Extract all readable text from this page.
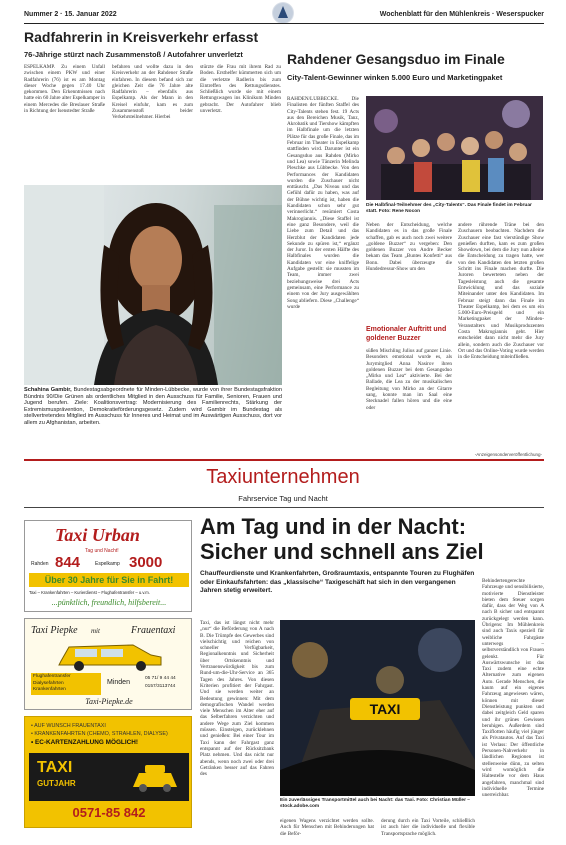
Nummer 2 · 15. Januar 2022	Wochenblatt für den Mühlenkreis · Weserspucker
Radfahrerin in Kreisverkehr erfasst
76-Jährige stürzt nach Zusammenstoß / Autofahrer unverletzt
ESPELKAMP. Zu einem Unfall zwischen einem PKW und einer Radfahrerin (76) ist es am Montag dieser Woche gegen 17.40 Uhr gekommen. Den Erkenntnissen nach hatte ein 60 Jahre alter Espelkamper in einem Mercedes die Breslauer Straße in Richtung der Isenstedter Straße
befahren und wollte dazu in den Kreisverkehr an der Rahdener Straße einfahren. In diesem befand sich zur gleichen Zeit die 76 Jahre alte Radfahrerin – ebenfalls aus Espelkamp. Als der Mann in den Kreisel einfuhr, kam es zum Zusammenstoß beider Verkehrsteilnehmer. Hierbei
stürzte die Frau mit ihrem Rad zu Boden. Ersthelfer kümmerten sich um die verletzte Radlerin bis zum Eintreffen des Rettungsdienstes. Schließlich wurde sie mit einem Rettungswagen ins Klinikum Minden gebracht. Der Autofahrer blieb unverletzt.
Schahina Gambir, Bundestagsabgeordnete für Minden-Lübbecke, wurde von ihrer Bundestagsfraktion Bündnis 90/Die Grünen als ordentliches Mitglied in den Ausschuss für Familie, Senioren, Frauen und Jugend berufen. Ziele: Koalitionsvertrag: Modernisierung des Familienrechts, Stärkung der Extremismusprävention, Demokratieförderungsgesetz. Zudem wird Gambir im Bundestag als stellvertretendes Mitglied im Ausschuss für Inneres und Heimat und im Auswärtigen Ausschuss, dort vor allem zu Afghanistan, arbeiten.
Rahdener Gesangsduo im Finale
City-Talent-Gewinner winken 5.000 Euro und Marketingpaket
RAHDEN/LÜBBECKE. Die Finalisten der fünften Staffel des City-Talents stehen fest. 19 Acts aus den Bereichen Musik, Tanz, Akrobatik und Tiershow kämpften im Halbfinale um die letzten Plätze für das große Finale, das im Februar im Theater in Espelkamp stattfinden wird. Darunter ist ein Gesangsduo aus Rahden (Mirko und Lea) sowie Tänzerin Melinda Pleschke aus Lübbecke. Von den Performances der Kandidaten wurden die Zuschauer nicht enttäuscht. „Das Niveau und das Gefühl dafür zu haben, was auf der Bühne wichtig ist, haben die Kandidaten schon sehr gut verinnerlicht.“ resümiert Costa Makrogiannis. „Diese Staffel ist eine ganz Besondere, weil die Liebe zum Detail und das Herzblut der Kandidaten jede Sekunde zu spüren ist,“ ergänzt der Juror. In der ersten Hälfte des Halbfinales wurden die Kandidaten vor eine kniffelige Aufgabe gestellt: sie mussten im Team, immer zwei beziehungsweise drei Acts gemeinsam, eine Performance zu einem von der Jury ausgewählten Song abliefern. Diese „Challenge“ wurde
Die Halbfinal-Teilnehmer des „City-Talents“. Das Finale findet im Februar statt. Foto: Rene Nocon
Neben der Entscheidung, welche Kandidaten es in das große Finale schaffen, gab es auch noch zwei weitere „goldene Buzzer“ zu vergeben: Den goldenen Buzzer von Andre Becker bekam das Team „Buntes Konfetti“ aus Bonn. Dabei überzeugte die Hundedressur-Show um den
Emotionaler Auftritt und goldener Buzzer
süßen Mischling Julius auf ganzer Linie. Besonders emotional wurde es, als Jurymitglied Anna Nasirov ihren goldenen Buzzer bei dem Gesangsduo „Mirko und Lea“ aktivierte. Bei der Ballade, die Lea zu der musikalischen Begleitung von Mirko an der Gitarre sang, konnte man im Saal eine Stecknadel fallen hören und die eine oder
andere rührende Träne bei den Zuschauern beobachten. Nachdem die Zuschauer eine fast vierstündige Show genießen durften, kam es zum großen Showdown, bei dem die Jury nun alleine die Entscheidung zu tragen hatte, wer von den Kandidaten den letzten großen Schritt ins Finale machen durfte. Die Juroren bewerteten neben der Tagesleistung auch die gesamte Entwicklung und das soziale Miteinander unter den Kandidaten. Im Februar steigt dann das Finale im Theater Espelkamp, bei dem es um ein 5.000-Euro-Preisgeld und ein Marketingpaket der Minden-Veranstalters und Musikproduzenten Costa Makrogiannis geht. Hier entscheidet dann nicht mehr die Jury allein, sondern auch die Zuschauer vor Ort und das Online-Voting wurde werden in die Entscheidung miteinfließen.
-Anzeigensonderveröffentlichung-
Taxiunternehmen
Fahrservice Tag und Nacht
Am Tag und in der Nacht:
Sicher und schnell ans Ziel
Chauffeurdienste und Krankenfahrten, Großraumtaxis, entspannte Touren zu Flughäfen oder Einkaufsfahrten: das „klassische“ Taxigeschäft hat sich in den vergangenen Jahren stetig erweitert.
Taxi, das ist längst nicht mehr „nur“ die Beförderung von A nach B. Die Trümpfe des Gewerbes sind vielschichtig und reichen von schneller Verfügbarkeit, Regionalkenntnis und Sicherheit über Ortskenntnis und Vertrauenswürdigkeit bis zum Rund-um-die-Uhr-Service an 365 Tagen des Jahres. Von diesen Kriterien profitiert der Fahrgast. Und sie werden weiter an Bedeutung gewinnen: Mit dem demografischen Wandel werden viele Menschen im Alter eher auf das Selberfahren verzichten und andere Wege zum Ziel kommen müssen. Einsteigen, zurücklehnen und genießen: Bei einer Tour im Taxi kann der Fahrgast ganz entspannt auf der Rücksitzbank Platz nehmen. Und das nicht nur abends, wenn noch zwei oder drei Getränken besser auf das Fahren des
TAXI
Ein zuverlässiges Transportmittel auch bei Nacht: das Taxi. Foto: Christian Müller – stock.adobe.com
eigenen Wagens verzichtet werden sollte. Auch für Menschen mit Behinderungen hat die Beför-
derung durch ein Taxi Vorteile, schließlich ist auch hier die individuelle und flexible Transportsprache möglich.
Behindertengerechte Fahrzeuge und sensibilisierte, motivierte Dienstleister bieten dem Steuer sorgen dafür, dass der Weg von A nach B sicher und entspannt zurückgelegt werden kann. Übrigens: Im Mühlenkreis sind auch Taxis speziell für weibliche Fahrgäste unterwegs – selbstverständlich von Frauen gelenkt. Für Auswärtswunsche ist das Taxi zudem eine echte Alternative zum eigenen Auto. Gerade Menschen, die kaum auf ein eigenes Fahrzeug angewiesen wären, können mit dieser Dienstleistung punkten und dabei zeitgleich Geld sparen und ihr grünes Gewissen beruhigen. Außerdem sind Taxiflotten häufig viel jünger als Privatautos. Auf das Taxi ist Verlass: Der öffentliche Personen-Nahverkehr in ländlichen Regionen ist stellenweise dünn, zu selten wird womöglich die Haltestelle vor dem Haus angefahren, manchmal sind individuelle Termine unerreichbar.
Taxi Urban
Tag und Nacht!
Rahden 844	Espelkamp 3000
Über 30 Jahre für Sie in Fahrt!
Taxi – Krankenfahrten – Kurierdienst – Flughafentransfer – u.v.m.
...pünktlich, freundlich, hilfsbereit...
Taxi Piepke mit	Frauentaxi
Flughafentransfer
Dialysefahrten
Krankenfahrten
Minden
05 71/ 9 44 44
0157/3113744
Taxi-Piepke.de
• AUF WUNSCH FRAUENTAXI
• KRANKENFAHRTEN (CHEMO, STRAHLEN, DIALYSE)
• EC-KARTENZAHLUNG MÖGLICH!
TAXI
GUTJAHR
0571-85 842
